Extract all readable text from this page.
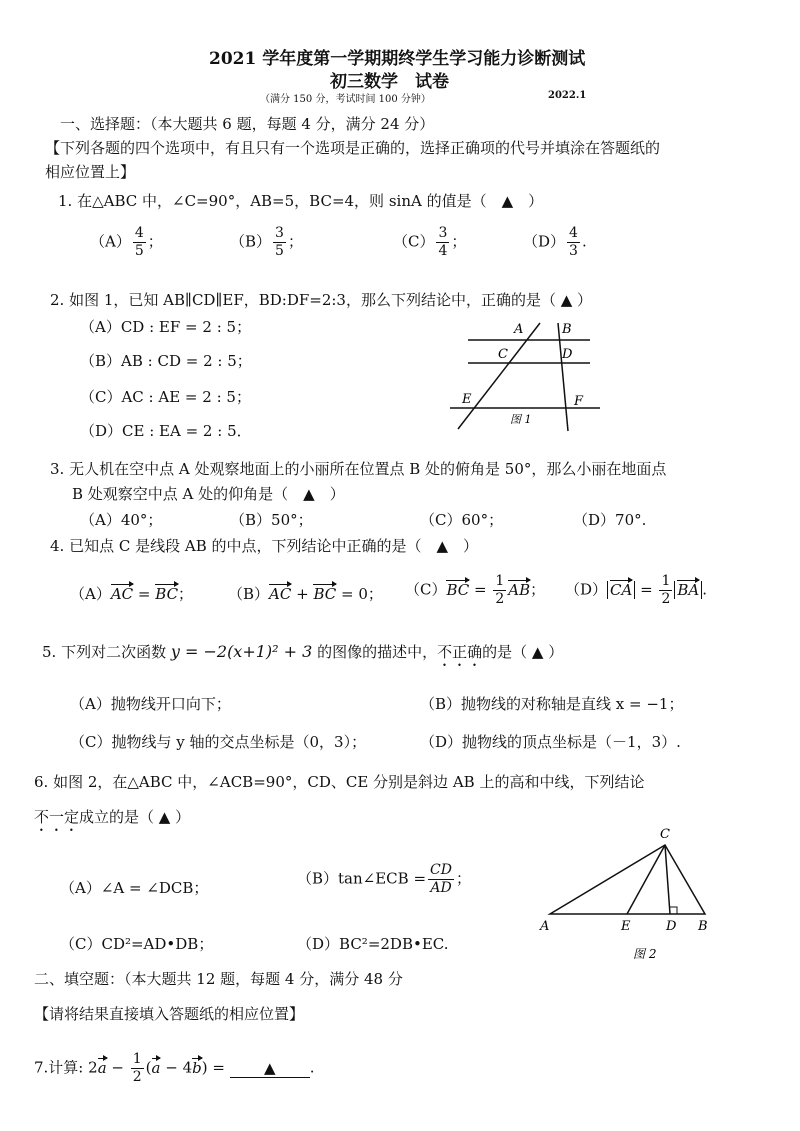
2021 学年度第一学期期终学生学习能力诊断测试
初三数学　试卷
（满分 150 分，考试时间 100 分钟）	2022.1
一、选择题：（本大题共 6 题，每题 4 分，满分 24 分）
【下列各题的四个选项中，有且只有一个选项是正确的，选择正确项的代号并填涂在答题纸的
相应位置上】
1. 在△ABC 中，∠C=90°，AB=5，BC=4，则 sinA 的值是（　▲　）
$(A) \frac{4}{5}$ ；	$(B) \frac{3}{5}$ ；	$(C) \frac{3}{4}$ ；	$(D) \frac{4}{3}$ .
2. 如图 1，已知 AB∥CD∥EF，BD:DF=2:3，那么下列结论中，正确的是（ ▲ ）
（A）CD : EF = 2 : 5；
（B）AB : CD = 2 : 5；
（C）AC : AE = 2 : 5；
（D）CE : EA = 2 : 5．
A	B
C	D
E	F
图 1
3. 无人机在空中点 A 处观察地面上的小丽所在位置点 B 处的俯角是 50°，那么小丽在地面点
B 处观察空中点 A 处的仰角是（　▲　）
（A）40°；	（B）50°；	（C）60°；	（D）70°.
4. 已知点 C 是线段 AB 的中点，下列结论中正确的是（　▲　）
（A）AC = BC； （B）AC + BC = 0； $(C)BC = \frac{1}{2}$ AB； （D） CA = $\frac{1}{2}$ BA .
5. 下列对二次函数 y = −2(x+1)² + 3 的图像的描述中，不正确的是（ ▲ ）
（A）抛物线开口向下；	（B）抛物线的对称轴是直线 x = −1；
（C）抛物线与 y 轴的交点坐标是（0，3）；	（D）抛物线的顶点坐标是（－1，3）.
6. 如图 2，在△ABC 中，∠ACB=90°，CD、CE 分别是斜边 AB 上的高和中线，下列结论
不一定成立的是（ ▲ ）
（A）∠A = ∠DCB；
（B）tan∠ECB = $\frac{CD}{AD}$ ；
（C）CD²=AD•DB；	（D）BC²=2DB•EC.
A	B
C
D
E
图 2
二、填空题：（本大题共 12 题，每题 4 分，满分 48 分
【请将结果直接填入答题纸的相应位置】
7.计算: $2a - \frac{1}{2} (a - 4b)$ = ▲ .
